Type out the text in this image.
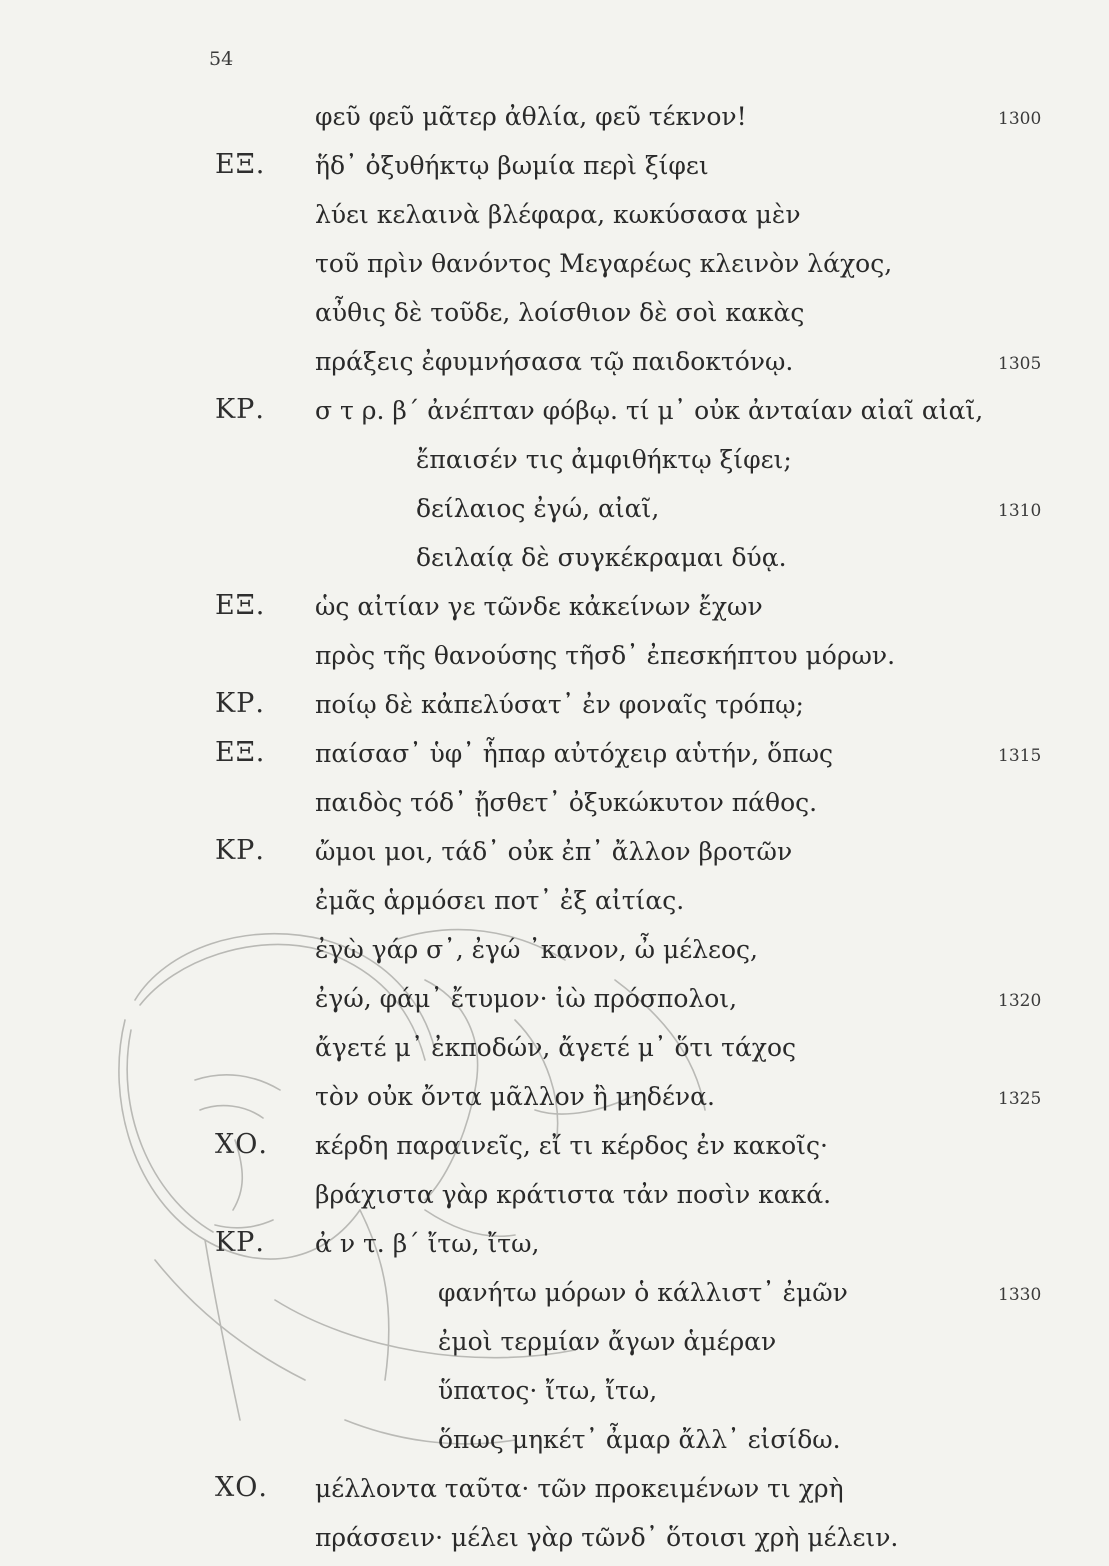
54
φεῦ φεῦ μᾶτερ ἀθλία, φεῦ τέκνον!	1300
ΕΞ. ἥδ᾽ ὀξυθήκτῳ βωμία περὶ ξίφει
λύει κελαινὰ βλέφαρα, κωκύσασα μὲν
τοῦ πρὶν θανόντος Μεγαρέως κλεινὸν λάχος,
αὖθις δὲ τοῦδε, λοίσθιον δὲ σοὶ κακὰς
πράξεις ἐφυμνήσασα τῷ παιδοκτόνῳ.	1305
ΚΡ. σ τ ρ. β΄ ἀνέπταν φόβῳ. τί μ᾽ οὐκ ἀνταίαν αἰαῖ αἰαῖ,
ἔπαισέν τις ἀμφιθήκτῳ ξίφει;
δείλαιος ἐγώ, αἰαῖ,	1310
δειλαίᾳ δὲ συγκέκραμαι δύᾳ.
ΕΞ. ὡς αἰτίαν γε τῶνδε κἀκείνων ἔχων
πρὸς τῆς θανούσης τῆσδ᾽ ἐπεσκήπτου μόρων.
ΚΡ. ποίῳ δὲ κἀπελύσατ᾽ ἐν φοναῖς τρόπῳ;
ΕΞ. παίσασ᾽ ὑφ᾽ ἧπαρ αὐτόχειρ αὑτήν, ὅπως	1315
παιδὸς τόδ᾽ ᾔσθετ᾽ ὀξυκώκυτον πάθος.
ΚΡ. ὤμοι μοι, τάδ᾽ οὐκ ἐπ᾽ ἄλλον βροτῶν
ἐμᾶς ἁρμόσει ποτ᾽ ἐξ αἰτίας.
ἐγὼ γάρ σ᾽, ἐγώ ᾽κανον, ὦ μέλεος,
ἐγώ, φάμ᾽ ἔτυμον· ἰὼ πρόσπολοι,	1320
ἄγετέ μ᾽ ἐκποδών, ἄγετέ μ᾽ ὅτι τάχος
τὸν οὐκ ὄντα μᾶλλον ἢ μηδένα.	1325
ΧΟ. κέρδη παραινεῖς, εἴ τι κέρδος ἐν κακοῖς·
βράχιστα γὰρ κράτιστα τἀν ποσὶν κακά.
ΚΡ. ἀ ν τ. β΄ ἴτω, ἴτω,
φανήτω μόρων ὁ κάλλιστ᾽ ἐμῶν	1330
ἐμοὶ τερμίαν ἄγων ἁμέραν
ὕπατος· ἴτω, ἴτω,
ὅπως μηκέτ᾽ ἆμαρ ἄλλ᾽ εἰσίδω.
ΧΟ. μέλλοντα ταῦτα· τῶν προκειμένων τι χρὴ
πράσσειν· μέλει γὰρ τῶνδ᾽ ὅτοισι χρὴ μέλειν.
